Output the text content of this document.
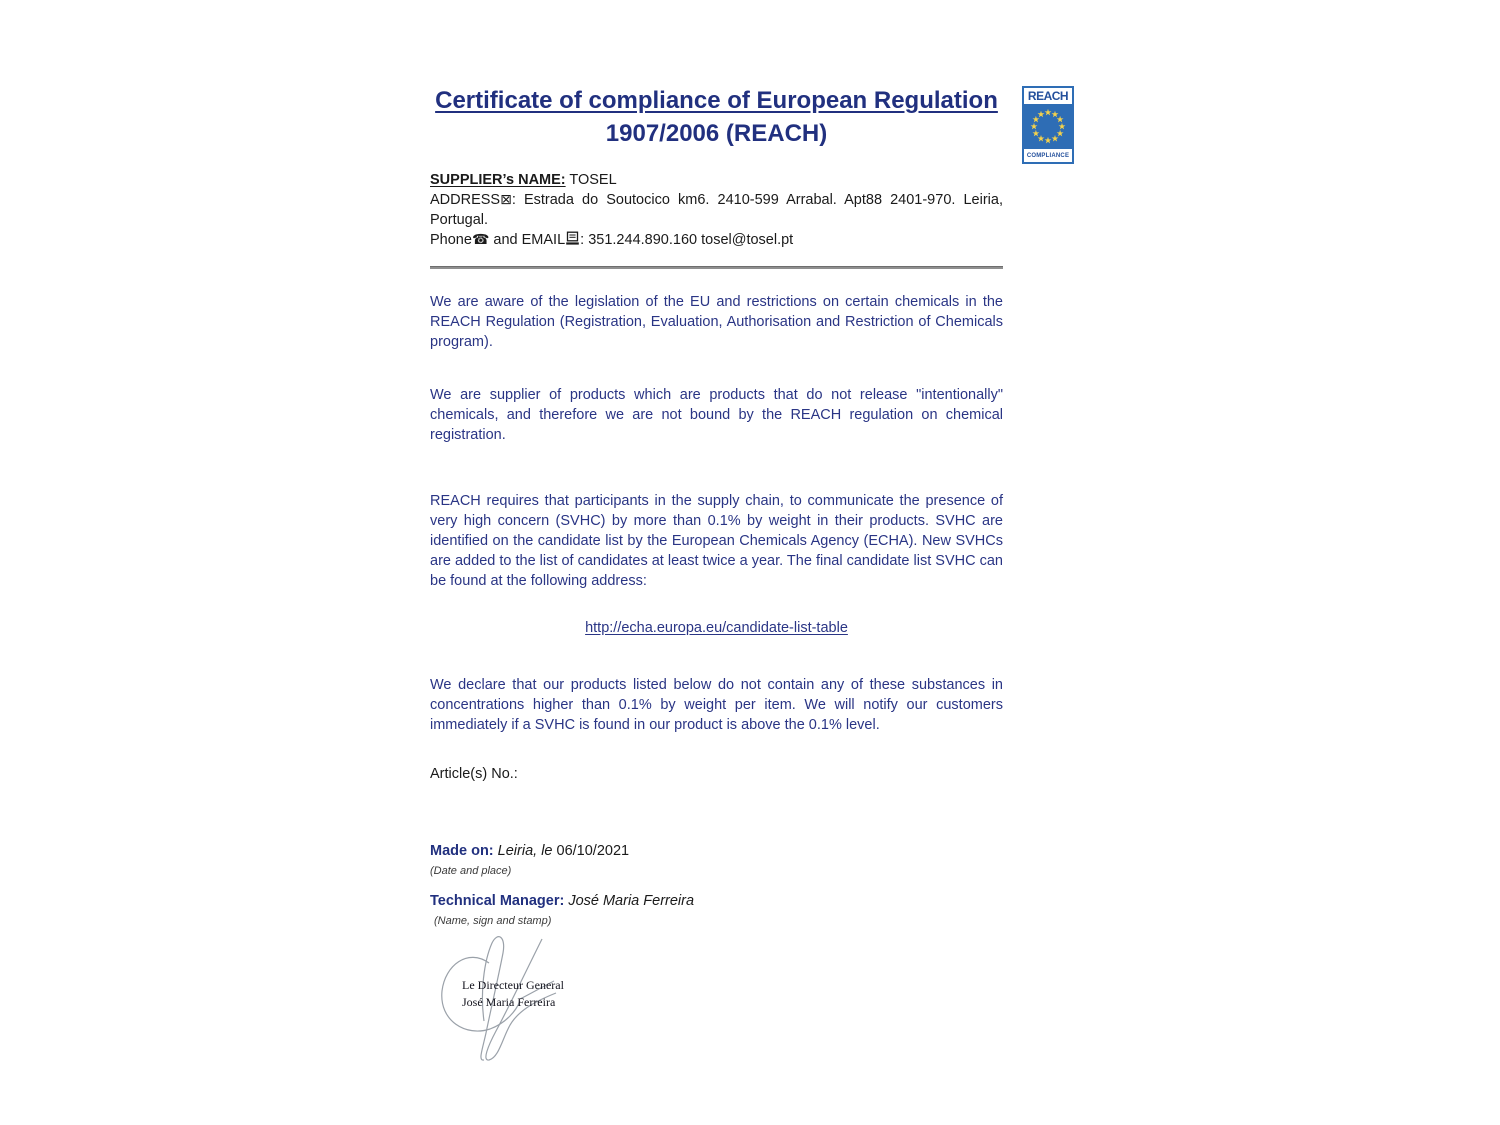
Certificate of compliance of European Regulation
1907/2006 (REACH)

SUPPLIER’s NAME: TOSEL

ADDRESS⊠: Estrada do Soutocico km6. 2410-599 Arrabal. Apt88 2401-970. Leiria, Portugal.

Phone☎ and EMAIL : 351.244.890.160 tosel@tosel.pt

We are aware of the legislation of the EU and restrictions on certain chemicals in the REACH Regulation (Registration, Evaluation, Authorisation and Restriction of Chemicals program).

We are supplier of products which are products that do not release "intentionally" chemicals, and therefore we are not bound by the REACH regulation on chemical registration.

REACH requires that participants in the supply chain, to communicate the presence of very high concern (SVHC) by more than 0.1% by weight in their products. SVHC are identified on the candidate list by the European Chemicals Agency (ECHA). New SVHCs are added to the list of candidates at least twice a year. The final candidate list SVHC can be found at the following address:

http://echa.europa.eu/candidate-list-table

We declare that our products listed below do not contain any of these substances in concentrations higher than 0.1% by weight per item. We will notify our customers immediately if a SVHC is found in our product is above the 0.1% level.

Article(s) No.:

Made on: Leiria, le 06/10/2021

(Date and place)

Technical Manager: José Maria Ferreira

(Name, sign and stamp)

Le Directeur General
José Maria Ferreira
REACH
COMPLIANCE
